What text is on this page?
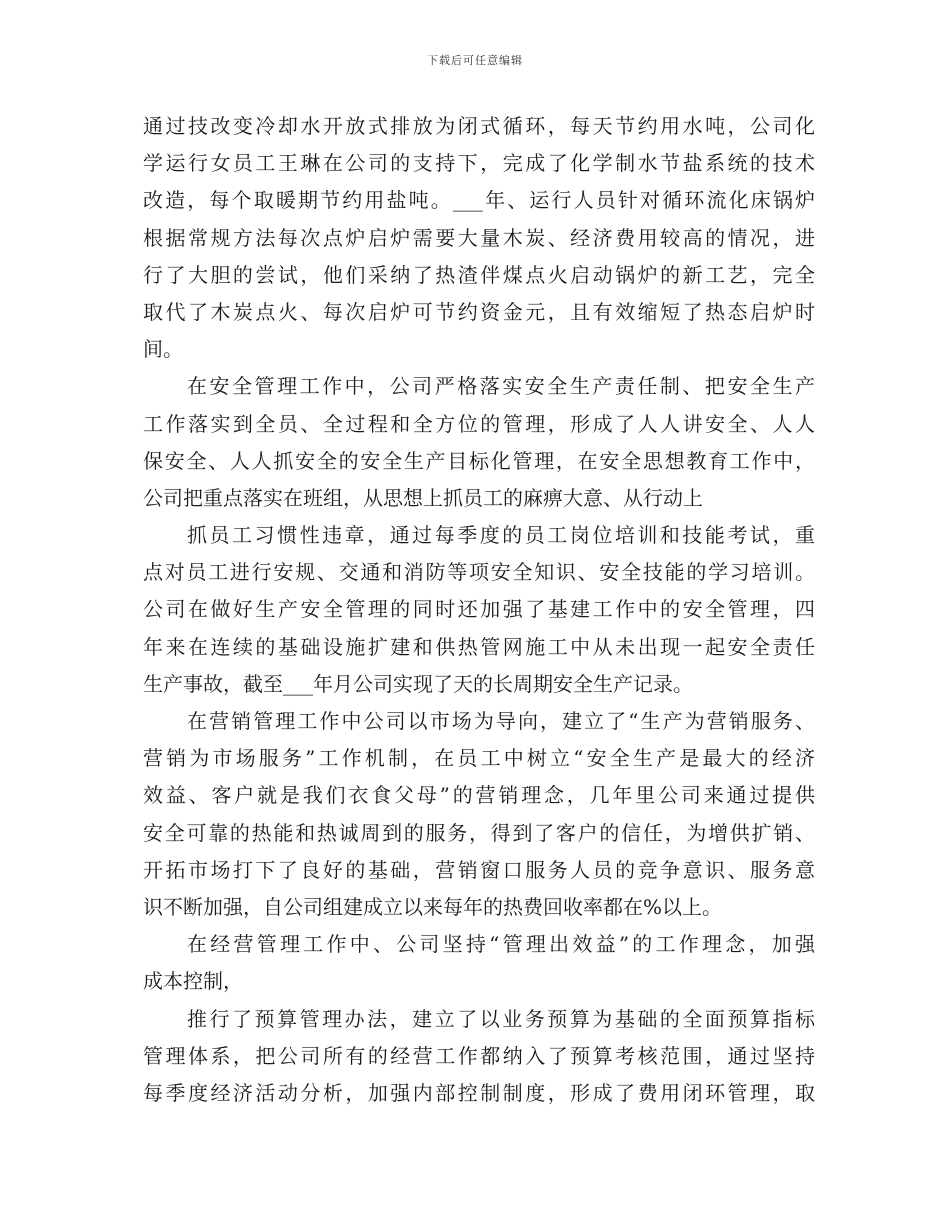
下载后可任意编辑
通过技改变冷却水开放式排放为闭式循环，每天节约用水吨，公司化
学运行女员工王琳在公司的支持下，完成了化学制水节盐系统的技术
改造，每个取暖期节约用盐吨。___年、运行人员针对循环流化床锅炉
根据常规方法每次点炉启炉需要大量木炭、经济费用较高的情况，进
行了大胆的尝试，他们采纳了热渣伴煤点火启动锅炉的新工艺，完全
取代了木炭点火、每次启炉可节约资金元，且有效缩短了热态启炉时
间。
在安全管理工作中，公司严格落实安全生产责任制、把安全生产
工作落实到全员、全过程和全方位的管理，形成了人人讲安全、人人
保安全、人人抓安全的安全生产目标化管理，在安全思想教育工作中，
公司把重点落实在班组，从思想上抓员工的麻痹大意、从行动上
抓员工习惯性违章，通过每季度的员工岗位培训和技能考试，重
点对员工进行安规、交通和消防等项安全知识、安全技能的学习培训。
公司在做好生产安全管理的同时还加强了基建工作中的安全管理，四
年来在连续的基础设施扩建和供热管网施工中从未出现一起安全责任
生产事故，截至___年月公司实现了天的长周期安全生产记录。
在营销管理工作中公司以市场为导向，建立了“生产为营销服务、
营销为市场服务”工作机制，在员工中树立“安全生产是最大的经济
效益、客户就是我们衣食父母”的营销理念，几年里公司来通过提供
安全可靠的热能和热诚周到的服务，得到了客户的信任，为增供扩销、
开拓市场打下了良好的基础，营销窗口服务人员的竞争意识、服务意
识不断加强，自公司组建成立以来每年的热费回收率都在%以上。
在经营管理工作中、公司坚持“管理出效益”的工作理念，加强
成本控制，
推行了预算管理办法，建立了以业务预算为基础的全面预算指标
管理体系，把公司所有的经营工作都纳入了预算考核范围，通过坚持
每季度经济活动分析，加强内部控制制度，形成了费用闭环管理，取
